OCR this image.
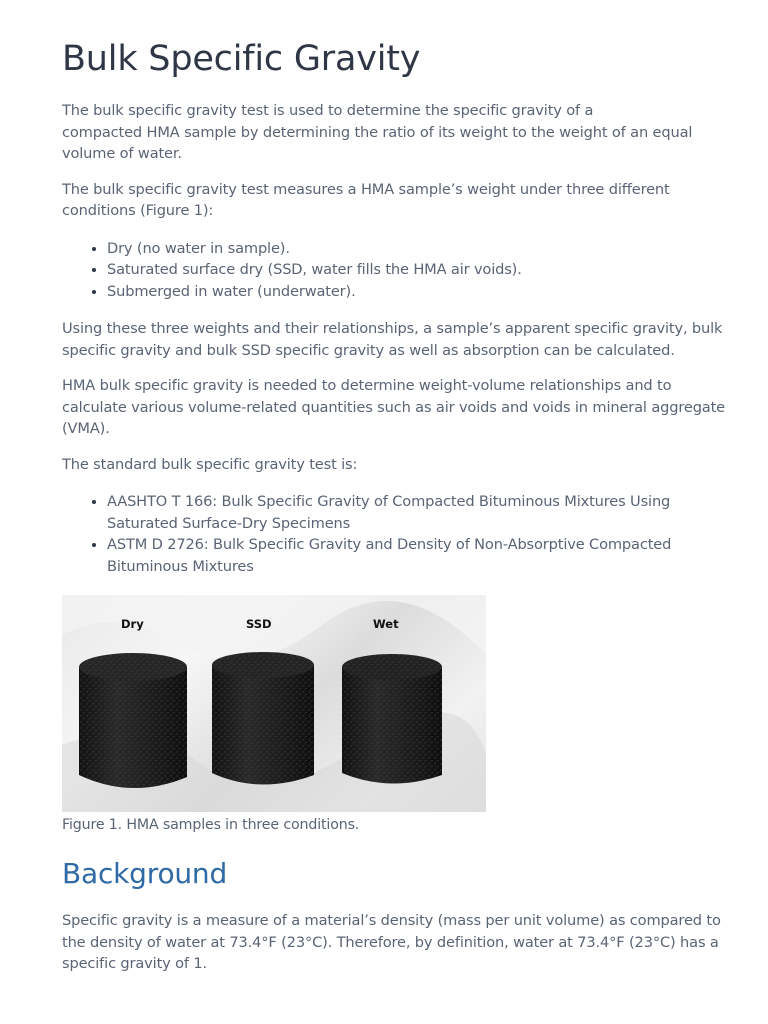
Bulk Specific Gravity

The bulk specific gravity test is used to determine the specific gravity of a
compacted HMA sample by determining the ratio of its weight to the weight of an equal volume of water.

The bulk specific gravity test measures a HMA sample’s weight under three different conditions (Figure 1):

• Dry (no water in sample).
• Saturated surface dry (SSD, water fills the HMA air voids).
• Submerged in water (underwater).

Using these three weights and their relationships, a sample’s apparent specific gravity, bulk specific gravity and bulk SSD specific gravity as well as absorption can be calculated.

HMA bulk specific gravity is needed to determine weight-volume relationships and to calculate various volume-related quantities such as air voids and voids in mineral aggregate (VMA).

The standard bulk specific gravity test is:

• AASHTO T 166: Bulk Specific Gravity of Compacted Bituminous Mixtures Using Saturated Surface-Dry Specimens
• ASTM D 2726: Bulk Specific Gravity and Density of Non-Absorptive Compacted Bituminous Mixtures
Dry	SSD	Wet
Figure 1. HMA samples in three conditions.
Background

Specific gravity is a measure of a material’s density (mass per unit volume) as compared to the density of water at 73.4°F (23°C). Therefore, by definition, water at 73.4°F (23°C) has a specific gravity of 1.
